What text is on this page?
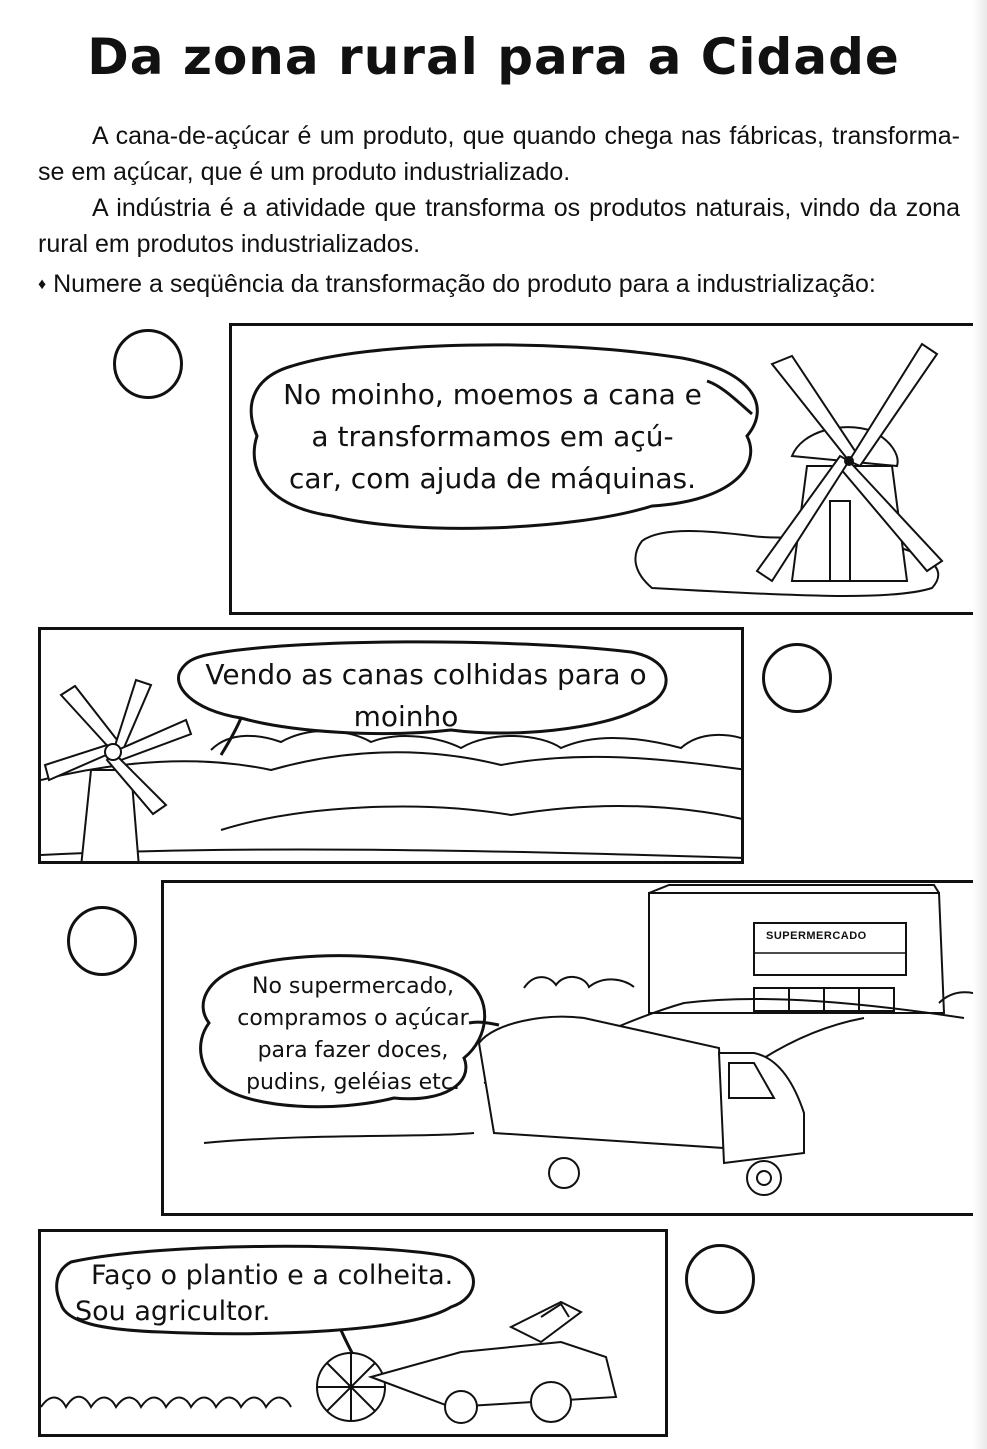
Da zona rural para a Cidade

A cana-de-açúcar é um produto, que quando chega nas fábricas, transforma-se em açúcar, que é um produto industrializado.

A indústria é a atividade que transforma os produtos naturais, vindo da zona rural em produtos industrializados.

♦ Numere a seqüência da transformação do produto para a industrialização:

No moinho, moemos a cana e
a transformamos em açú-
car, com ajuda de máquinas.
Vendo as canas colhidas para o
moinho
SUPERMERCADO
No supermercado,
compramos o açúcar
para fazer doces,
pudins, geléias etc.
Faço o plantio e a colheita.
Sou agricultor.
